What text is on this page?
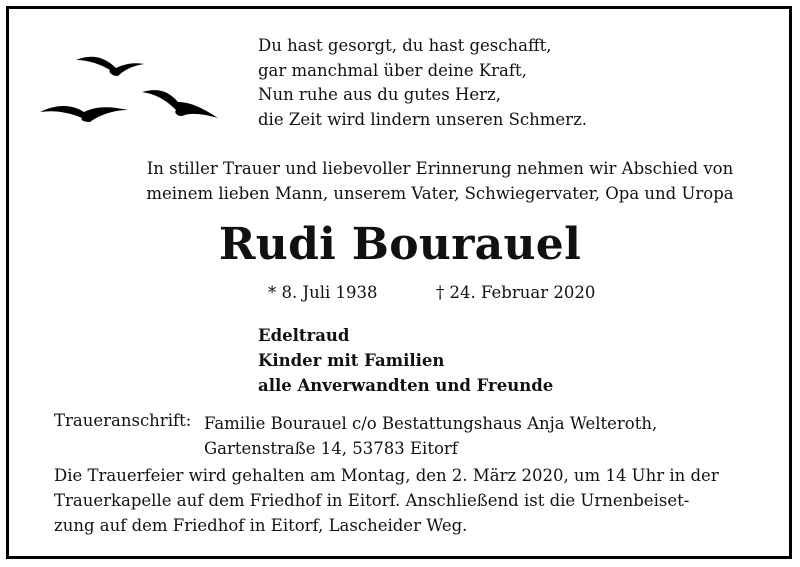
Du hast gesorgt, du hast geschafft,
gar manchmal über deine Kraft,
Nun ruhe aus du gutes Herz,
die Zeit wird lindern unseren Schmerz.
In stiller Trauer und liebevoller Erinnerung nehmen wir Abschied von
meinem lieben Mann, unserem Vater, Schwiegervater, Opa und Uropa
Rudi Bourauel
* 8. Juli 1938	† 24. Februar 2020
Edeltraud
Kinder mit Familien
alle Anverwandten und Freunde
Traueranschrift: Familie Bourauel c/o Bestattungshaus Anja Welteroth,
Gartenstraße 14, 53783 Eitorf
Die Trauerfeier wird gehalten am Montag, den 2. März 2020, um 14 Uhr in der
Trauerkapelle auf dem Friedhof in Eitorf. Anschließend ist die Urnenbeiset-
zung auf dem Friedhof in Eitorf, Lascheider Weg.
